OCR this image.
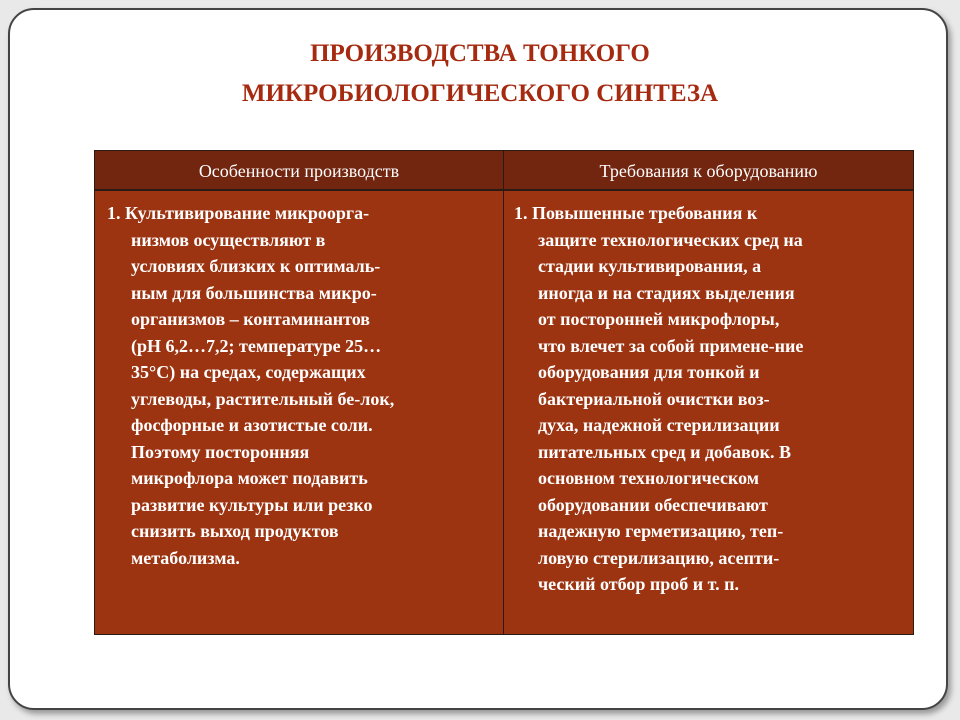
ПРОИЗВОДСТВА ТОНКОГО
МИКРОБИОЛОГИЧЕСКОГО СИНТЕЗА
Особенности производств	Требования к оборудованию
1. Культивирование микроорга-
низмов осуществляют в
условиях близких к оптималь-
ным для большинства микро-
организмов – контаминантов
(рН 6,2…7,2; температуре 25…
35°С) на средах, содержащих
углеводы, растительный бе-лок,
фосфорные и азотистые соли.
Поэтому посторонняя
микрофлора может подавить
развитие культуры или резко
снизить выход продуктов
метаболизма.
1. Повышенные требования к
защите технологических сред на
стадии культивирования, а
иногда и на стадиях выделения
от посторонней микрофлоры,
что влечет за собой примене-ние
оборудования для тонкой и
бактериальной очистки воз-
духа, надежной стерилизации
питательных сред и добавок. В
основном технологическом
оборудовании обеспечивают
надежную герметизацию, теп-
ловую стерилизацию, асепти-
ческий отбор проб и т. п.
